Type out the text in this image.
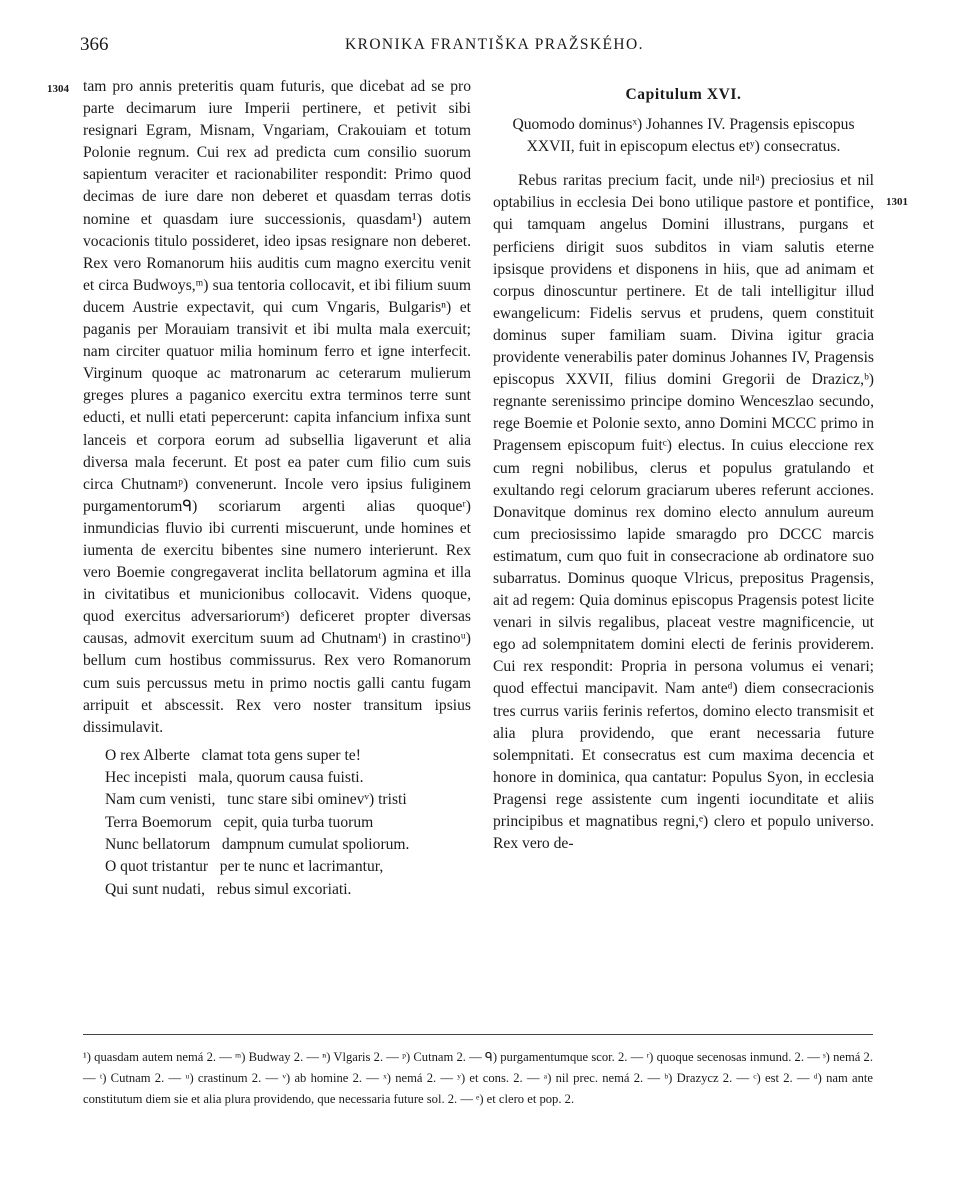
366	KRONIKA FRANTIŠKA PRAŽSKÉHO.
1304
1301

tam pro annis preteritis quam futuris, que dicebat ad se pro parte decimarum iure Imperii pertinere, et petivit sibi resignari Egram, Misnam, Vngariam, Crakouiam et totum Polonie regnum. Cui rex ad predicta cum consilio suorum sapientum veraciter et racionabiliter respondit: Primo quod decimas de iure dare non deberet et quasdam terras dotis nomine et quasdam iure successionis, quasdam¹) autem vocacionis titulo possideret, ideo ipsas resignare non deberet. Rex vero Romanorum hiis auditis cum magno exercitu venit et circa Budwoys,ᵐ) sua tentoria collocavit, et ibi filium suum ducem Austrie expectavit, qui cum Vngaris, Bulgarisⁿ) et paganis per Morauiam transivit et ibi multa mala exercuit; nam circiter quatuor milia hominum ferro et igne interfecit. Virginum quoque ac matronarum ac ceterarum mulierum greges plures a paganico exercitu extra terminos terre sunt educti, et nulli etati pepercerunt: capita infancium infixa sunt lanceis et corpora eorum ad subsellia ligaverunt et alia diversa mala fecerunt. Et post ea pater cum filio cum suis circa Chutnamᵖ) convenerunt. Incole vero ipsius fuliginem purgamentorumᑫ) scoriarum argenti alias quoqueʳ) inmundicias fluvio ibi currenti miscuerunt, unde homines et iumenta de exercitu bibentes sine numero interierunt. Rex vero Boemie congregaverat inclita bellatorum agmina et illa in civitatibus et municionibus collocavit. Videns quoque, quod exercitus adversariorumˢ) deficeret propter diversas causas, admovit exercitum suum ad Chutnamᵗ) in crastinoᵘ) bellum cum hostibus commissurus. Rex vero Romanorum cum suis percussus metu in primo noctis galli cantu fugam arripuit et abscessit. Rex vero noster transitum ipsius dissimulavit.

O rex Alberte   clamat tota gens super te!
Hec incepisti   mala, quorum causa fuisti.
Nam cum venisti,   tunc stare sibi ominevᵛ) tristi
Terra Boemorum   cepit, quia turba tuorum
Nunc bellatorum   dampnum cumulat spoliorum.
O quot tristantur   per te nunc et lacrimantur,
Qui sunt nudati,   rebus simul excoriati.

Capitulum XVI.

Quomodo dominusˣ) Johannes IV. Pragensis episcopus XXVII, fuit in episcopum electus etʸ) consecratus.

Rebus raritas precium facit, unde nilᵃ) preciosius et nil optabilius in ecclesia Dei bono utilique pastore et pontifice, qui tamquam angelus Domini illustrans, purgans et perficiens dirigit suos subditos in viam salutis eterne ipsisque providens et disponens in hiis, que ad animam et corpus dinoscuntur pertinere. Et de tali intelligitur illud ewangelicum: Fidelis servus et prudens, quem constituit dominus super familiam suam. Divina igitur gracia providente venerabilis pater dominus Johannes IV, Pragensis episcopus XXVII, filius domini Gregorii de Drazicz,ᵇ) regnante serenissimo principe domino Wenceszlao secundo, rege Boemie et Polonie sexto, anno Domini MCCC primo in Pragensem episcopum fuitᶜ) electus. In cuius eleccione rex cum regni nobilibus, clerus et populus gratulando et exultando regi celorum graciarum uberes referunt acciones. Donavitque dominus rex domino electo annulum aureum cum preciosissimo lapide smaragdo pro DCCC marcis estimatum, cum quo fuit in consecracione ab ordinatore suo subarratus. Dominus quoque Vlricus, prepositus Pragensis, ait ad regem: Quia dominus episcopus Pragensis potest licite venari in silvis regalibus, placeat vestre magnificencie, ut ego ad solempnitatem domini electi de ferinis providerem. Cui rex respondit: Propria in persona volumus ei venari; quod effectui mancipavit. Nam anteᵈ) diem consecracionis tres currus variis ferinis refertos, domino electo transmisit et alia plura providendo, que erant necessaria future solempnitati. Et consecratus est cum maxima decencia et honore in dominica, qua cantatur: Populus Syon, in ecclesia Pragensi rege assistente cum ingenti iocunditate et aliis principibus et magnatibus regni,ᵉ) clero et populo universo. Rex vero de-

¹) quasdam autem nemá 2. — ᵐ) Budway 2. — ⁿ) Vlgaris 2. — ᵖ) Cutnam 2. — ᑫ) purgamentumque scor. 2. — ʳ) quoque secenosas inmund. 2. — ˢ) nemá 2. — ᵗ) Cutnam 2. — ᵘ) crastinum 2. — ᵛ) ab homine 2. — ˣ) nemá 2. — ʸ) et cons. 2. — ᵃ) nil prec. nemá 2. — ᵇ) Drazycz 2. — ᶜ) est 2. — ᵈ) nam ante constitutum diem sie et alia plura providendo, que necessaria future sol. 2. — ᵉ) et clero et pop. 2.
